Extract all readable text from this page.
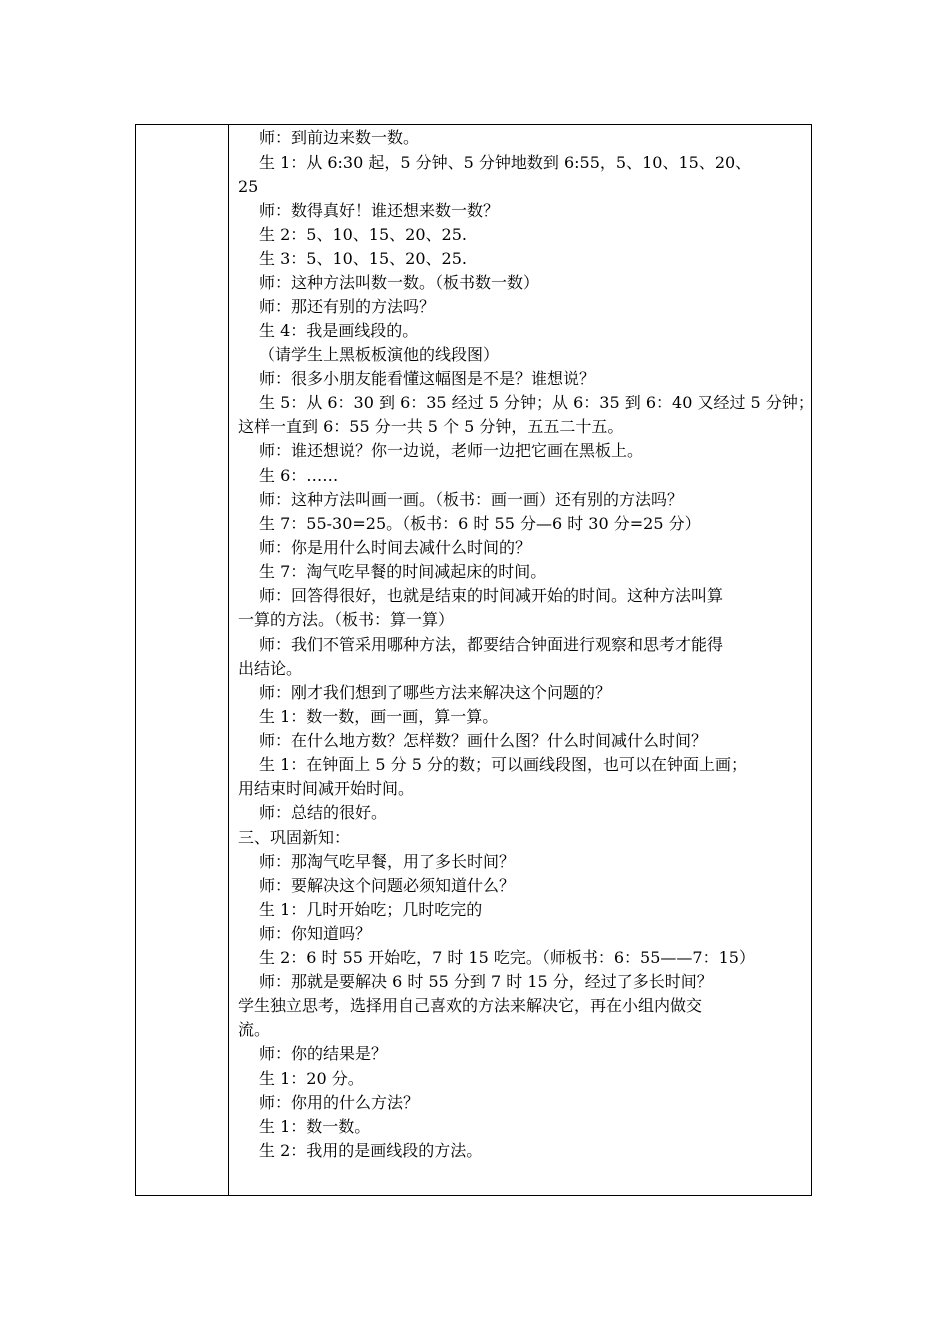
师：到前边来数一数。
生 1：从 6:30 起，5 分钟、5 分钟地数到 6:55，5、10、15、20、
25
师：数得真好！谁还想来数一数？
生 2：5、10、15、20、25.
生 3：5、10、15、20、25.
师：这种方法叫数一数。（板书数一数）
师：那还有别的方法吗？
生 4：我是画线段的。
（请学生上黑板板演他的线段图）
师：很多小朋友能看懂这幅图是不是？谁想说？
生 5：从 6：30 到 6：35 经过 5 分钟；从 6：35 到 6：40 又经过 5 分钟；
这样一直到 6：55 分一共 5 个 5 分钟，五五二十五。
师：谁还想说？你一边说，老师一边把它画在黑板上。
生 6：……
师：这种方法叫画一画。（板书：画一画）还有别的方法吗？
生 7：55-30=25。（板书：6 时 55 分—6 时 30 分=25 分）
师：你是用什么时间去减什么时间的？
生 7：淘气吃早餐的时间减起床的时间。
师：回答得很好，也就是结束的时间减开始的时间。这种方法叫算
一算的方法。（板书：算一算）
师：我们不管采用哪种方法，都要结合钟面进行观察和思考才能得
出结论。
师：刚才我们想到了哪些方法来解决这个问题的？
生 1：数一数，画一画，算一算。
师：在什么地方数？怎样数？画什么图？什么时间减什么时间？
生 1：在钟面上 5 分 5 分的数；可以画线段图，也可以在钟面上画；
用结束时间减开始时间。
师：总结的很好。
三、巩固新知：
师：那淘气吃早餐，用了多长时间？
师：要解决这个问题必须知道什么？
生 1：几时开始吃；几时吃完的
师：你知道吗？
生 2：6 时 55 开始吃，7 时 15 吃完。（师板书：6：55——7：15）
师：那就是要解决 6 时 55 分到 7 时 15 分，经过了多长时间？
学生独立思考，选择用自己喜欢的方法来解决它，再在小组内做交
流。
师：你的结果是？
生 1：20 分。
师：你用的什么方法？
生 1：数一数。
生 2：我用的是画线段的方法。
